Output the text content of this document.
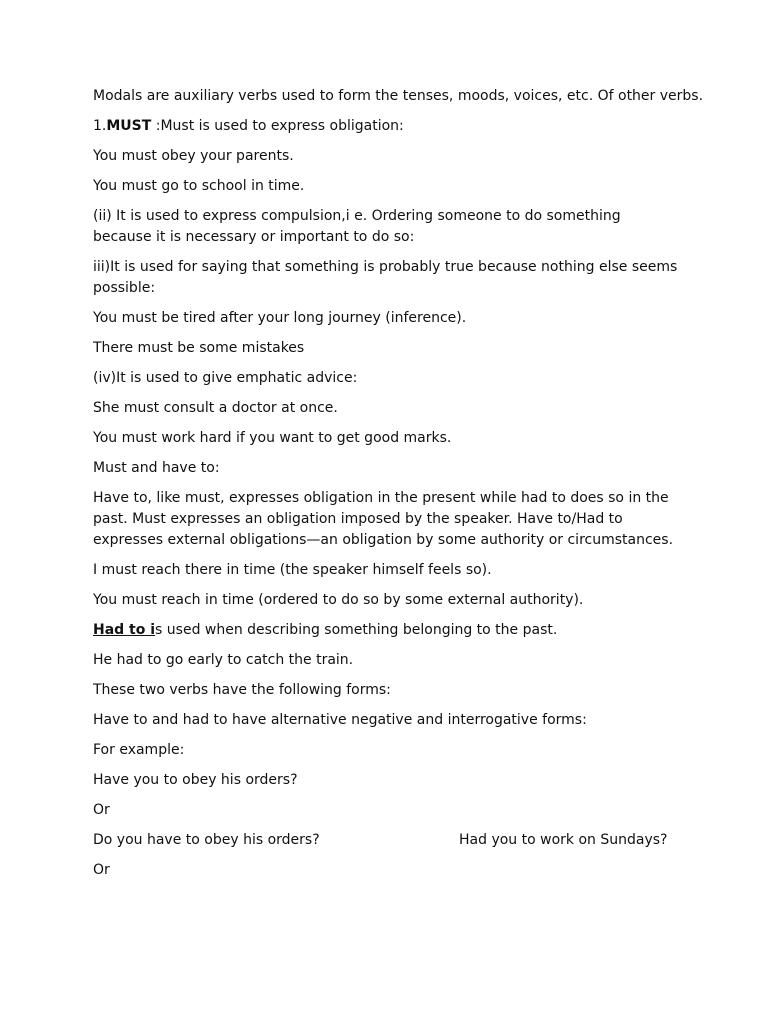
Modals are auxiliary verbs used to form the tenses, moods, voices, etc. Of other verbs.

1.MUST :Must is used to express obligation:

You must obey your parents.

You must go to school in time.

(ii) It is used to express compulsion,i e. Ordering someone to do something because it is necessary or important to do so:

iii)It is used for saying that something is probably true because nothing else seems possible:

You must be tired after your long journey (inference).

There must be some mistakes

(iv)It is used to give emphatic advice:

She must consult a doctor at once.

You must work hard if you want to get good marks.

Must and have to:

Have to, like must, expresses obligation in the present while had to does so in the past. Must expresses an obligation imposed by the speaker. Have to/Had to expresses external obligations—an obligation by some authority or circumstances.

I must reach there in time (the speaker himself feels so).

You must reach in time (ordered to do so by some external authority).

Had to is used when describing something belonging to the past.

He had to go early to catch the train.

These two verbs have the following forms:

Have to and had to have alternative negative and interrogative forms:

For example:

Have you to obey his orders?

Or

Do you have to obey his orders?	Had you to work on Sundays?

Or
